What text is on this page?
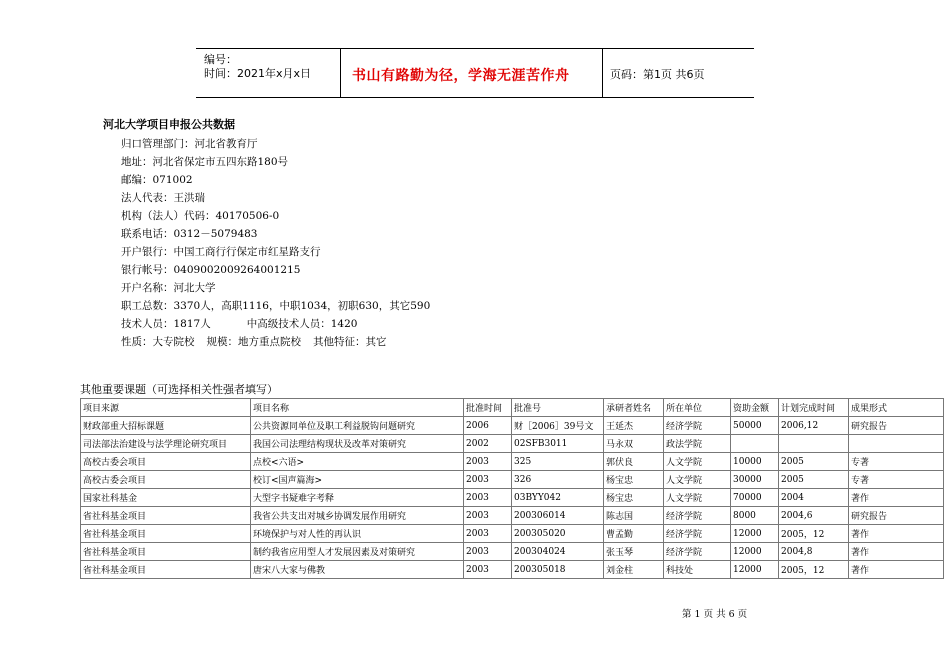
编号：
时间：2021年x月x日	书山有路勤为径，学海无涯苦作舟	页码：第1页 共6页
河北大学项目申报公共数据
归口管理部门：河北省教育厅
地址：河北省保定市五四东路180号
邮编：071002
法人代表：王洪瑞
机构（法人）代码：40170506-0
联系电话：0312－5079483
开户银行：中国工商行行保定市红星路支行
银行帐号：0409002009264001215
开户名称：河北大学
职工总数：3370人，高职1116，中职1034，初职630，其它590
技术人员：1817人	中高级技术人员：1420
性质：大专院校 规模：地方重点院校 其他特征：其它
其他重要课题（可选择相关性强者填写）
项目来源	项目名称	批准时间	批准号	承研者姓名	所在单位	资助金额	计划完成时间	成果形式
财政部重大招标课题	公共资源同单位及职工利益脱钩问题研究	2006	财［2006］39号文	王延杰	经济学院	50000	2006,12	研究报告
司法部法治建设与法学理论研究项目	我国公司法理结构现状及改革对策研究	2002	02SFB3011	马永双	政法学院			
高校古委会项目	点校<六语>	2003	325	郭伏良	人文学院	10000	2005	专著
高校古委会项目	校订<国声篇海>	2003	326	杨宝忠	人文学院	30000	2005	专著
国家社科基金	大型字书疑难字考释	2003	03BYY042	杨宝忠	人文学院	70000	2004	著作
省社科基金项目	我省公共支出对城乡协调发展作用研究	2003	200306014	陈志国	经济学院	8000	2004,6	研究报告
省社科基金项目	环境保护与对人性的再认识	2003	200305020	曹孟勤	经济学院	12000	2005，12	著作
省社科基金项目	制约我省应用型人才发展因素及对策研究	2003	200304024	张玉琴	经济学院	12000	2004,8	著作
省社科基金项目	唐宋八大家与佛教	2003	200305018	刘金柱	科技处	12000	2005，12	著作
第 1 页 共 6 页
